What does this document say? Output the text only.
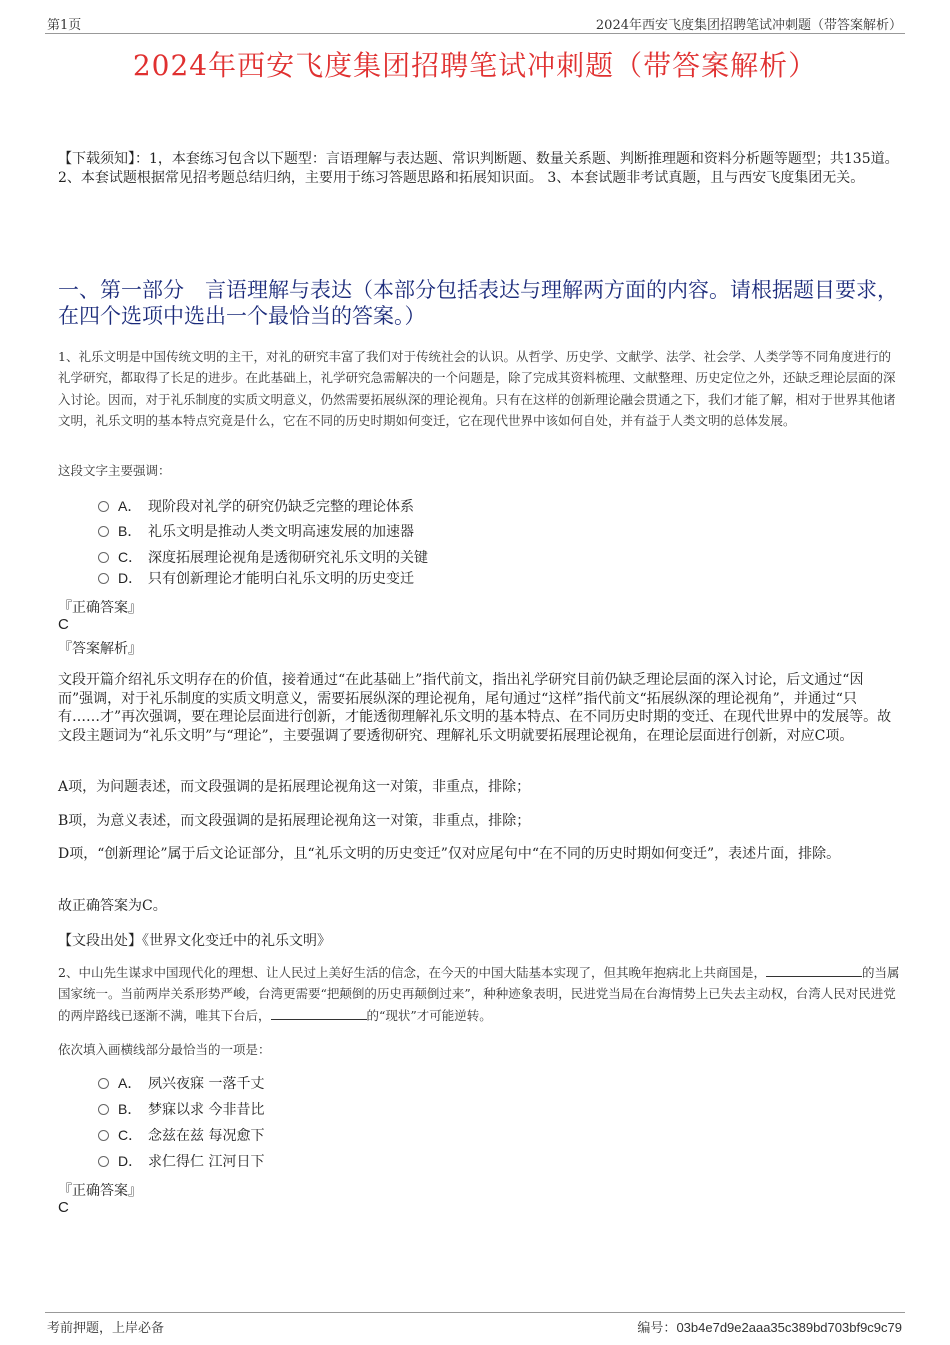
第1页	2024年西安飞度集团招聘笔试冲刺题（带答案解析）
2024年西安飞度集团招聘笔试冲刺题（带答案解析）
【下载须知】：1，本套练习包含以下题型：言语理解与表达题、常识判断题、数量关系题、判断推理题和资料分析题等题型；共135道。 2、本套试题根据常见招考题总结归纳，主要用于练习答题思路和拓展知识面。 3、本套试题非考试真题，且与西安飞度集团无关。
一、第一部分　言语理解与表达（本部分包括表达与理解两方面的内容。请根据题目要求，在四个选项中选出一个最恰当的答案。）
1、礼乐文明是中国传统文明的主干，对礼的研究丰富了我们对于传统社会的认识。从哲学、历史学、文献学、法学、社会学、人类学等不同角度进行的礼学研究，都取得了长足的进步。在此基础上，礼学研究急需解决的一个问题是，除了完成其资料梳理、文献整理、历史定位之外，还缺乏理论层面的深入讨论。因而，对于礼乐制度的实质文明意义，仍然需要拓展纵深的理论视角。只有在这样的创新理论融会贯通之下，我们才能了解，相对于世界其他诸文明，礼乐文明的基本特点究竟是什么，它在不同的历史时期如何变迁，它在现代世界中该如何自处，并有益于人类文明的总体发展。
这段文字主要强调：
A． 现阶段对礼学的研究仍缺乏完整的理论体系
B． 礼乐文明是推动人类文明高速发展的加速器
C． 深度拓展理论视角是透彻研究礼乐文明的关键
D． 只有创新理论才能明白礼乐文明的历史变迁
『正确答案』
C
『答案解析』
文段开篇介绍礼乐文明存在的价值，接着通过“在此基础上”指代前文，指出礼学研究目前仍缺乏理论层面的深入讨论，后文通过“因而”强调，对于礼乐制度的实质文明意义，需要拓展纵深的理论视角，尾句通过“这样”指代前文“拓展纵深的理论视角”，并通过“只有……才”再次强调，要在理论层面进行创新，才能透彻理解礼乐文明的基本特点、在不同历史时期的变迁、在现代世界中的发展等。故文段主题词为“礼乐文明”与“理论”，主要强调了要透彻研究、理解礼乐文明就要拓展理论视角，在理论层面进行创新，对应C项。
A项，为问题表述，而文段强调的是拓展理论视角这一对策，非重点，排除；
B项，为意义表述，而文段强调的是拓展理论视角这一对策，非重点，排除；
D项，“创新理论”属于后文论证部分，且“礼乐文明的历史变迁”仅对应尾句中“在不同的历史时期如何变迁”，表述片面，排除。
故正确答案为C。
【文段出处】《世界文化变迁中的礼乐文明》
2、中山先生谋求中国现代化的理想、让人民过上美好生活的信念，在今天的中国大陆基本实现了，但其晚年抱病北上共商国是，	的当属国家统一。当前两岸关系形势严峻，台湾更需要“把颠倒的历史再颠倒过来”，种种迹象表明，民进党当局在台海情势上已失去主动权，台湾人民对民进党的两岸路线已逐渐不满，唯其下台后，	的“现状”才可能逆转。
依次填入画横线部分最恰当的一项是：
A． 夙兴夜寐 一落千丈
B． 梦寐以求 今非昔比
C． 念兹在兹 每况愈下
D． 求仁得仁 江河日下
『正确答案』
C
考前押题，上岸必备	编号：03b4e7d9e2aaa35c389bd703bf9c9c79
